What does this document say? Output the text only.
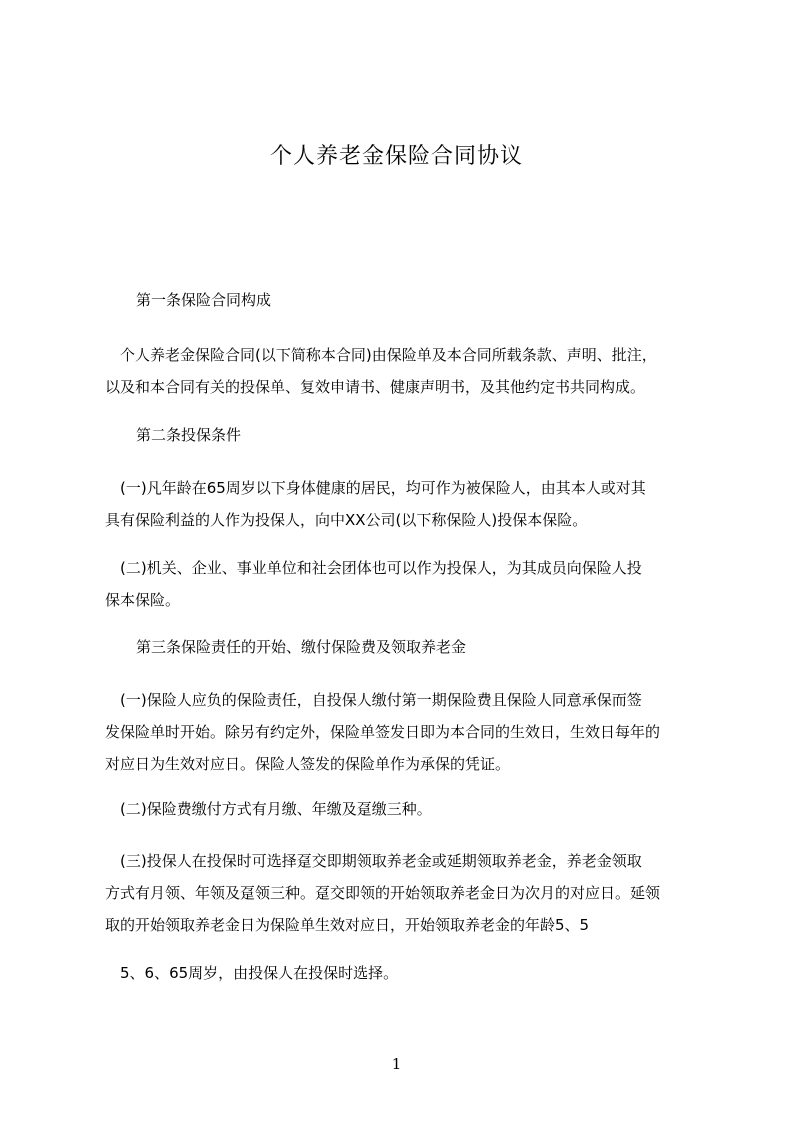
个人养老金保险合同协议

第一条保险合同构成

　个人养老金保险合同(以下简称本合同)由保险单及本合同所载条款、声明、批注，
以及和本合同有关的投保单、复效申请书、健康声明书，及其他约定书共同构成。

第二条投保条件

　(一)凡年龄在65周岁以下身体健康的居民，均可作为被保险人，由其本人或对其
具有保险利益的人作为投保人，向中XX公司(以下称保险人)投保本保险。

　(二)机关、企业、事业单位和社会团体也可以作为投保人，为其成员向保险人投
保本保险。

第三条保险责任的开始、缴付保险费及领取养老金

　(一)保险人应负的保险责任，自投保人缴付第一期保险费且保险人同意承保而签
发保险单时开始。除另有约定外，保险单签发日即为本合同的生效日，生效日每年的
对应日为生效对应日。保险人签发的保险单作为承保的凭证。

　(二)保险费缴付方式有月缴、年缴及趸缴三种。

　(三)投保人在投保时可选择趸交即期领取养老金或延期领取养老金，养老金领取
方式有月领、年领及趸领三种。趸交即领的开始领取养老金日为次月的对应日。延领
取的开始领取养老金日为保险单生效对应日，开始领取养老金的年龄5、5

　5、6、65周岁，由投保人在投保时选择。

1
